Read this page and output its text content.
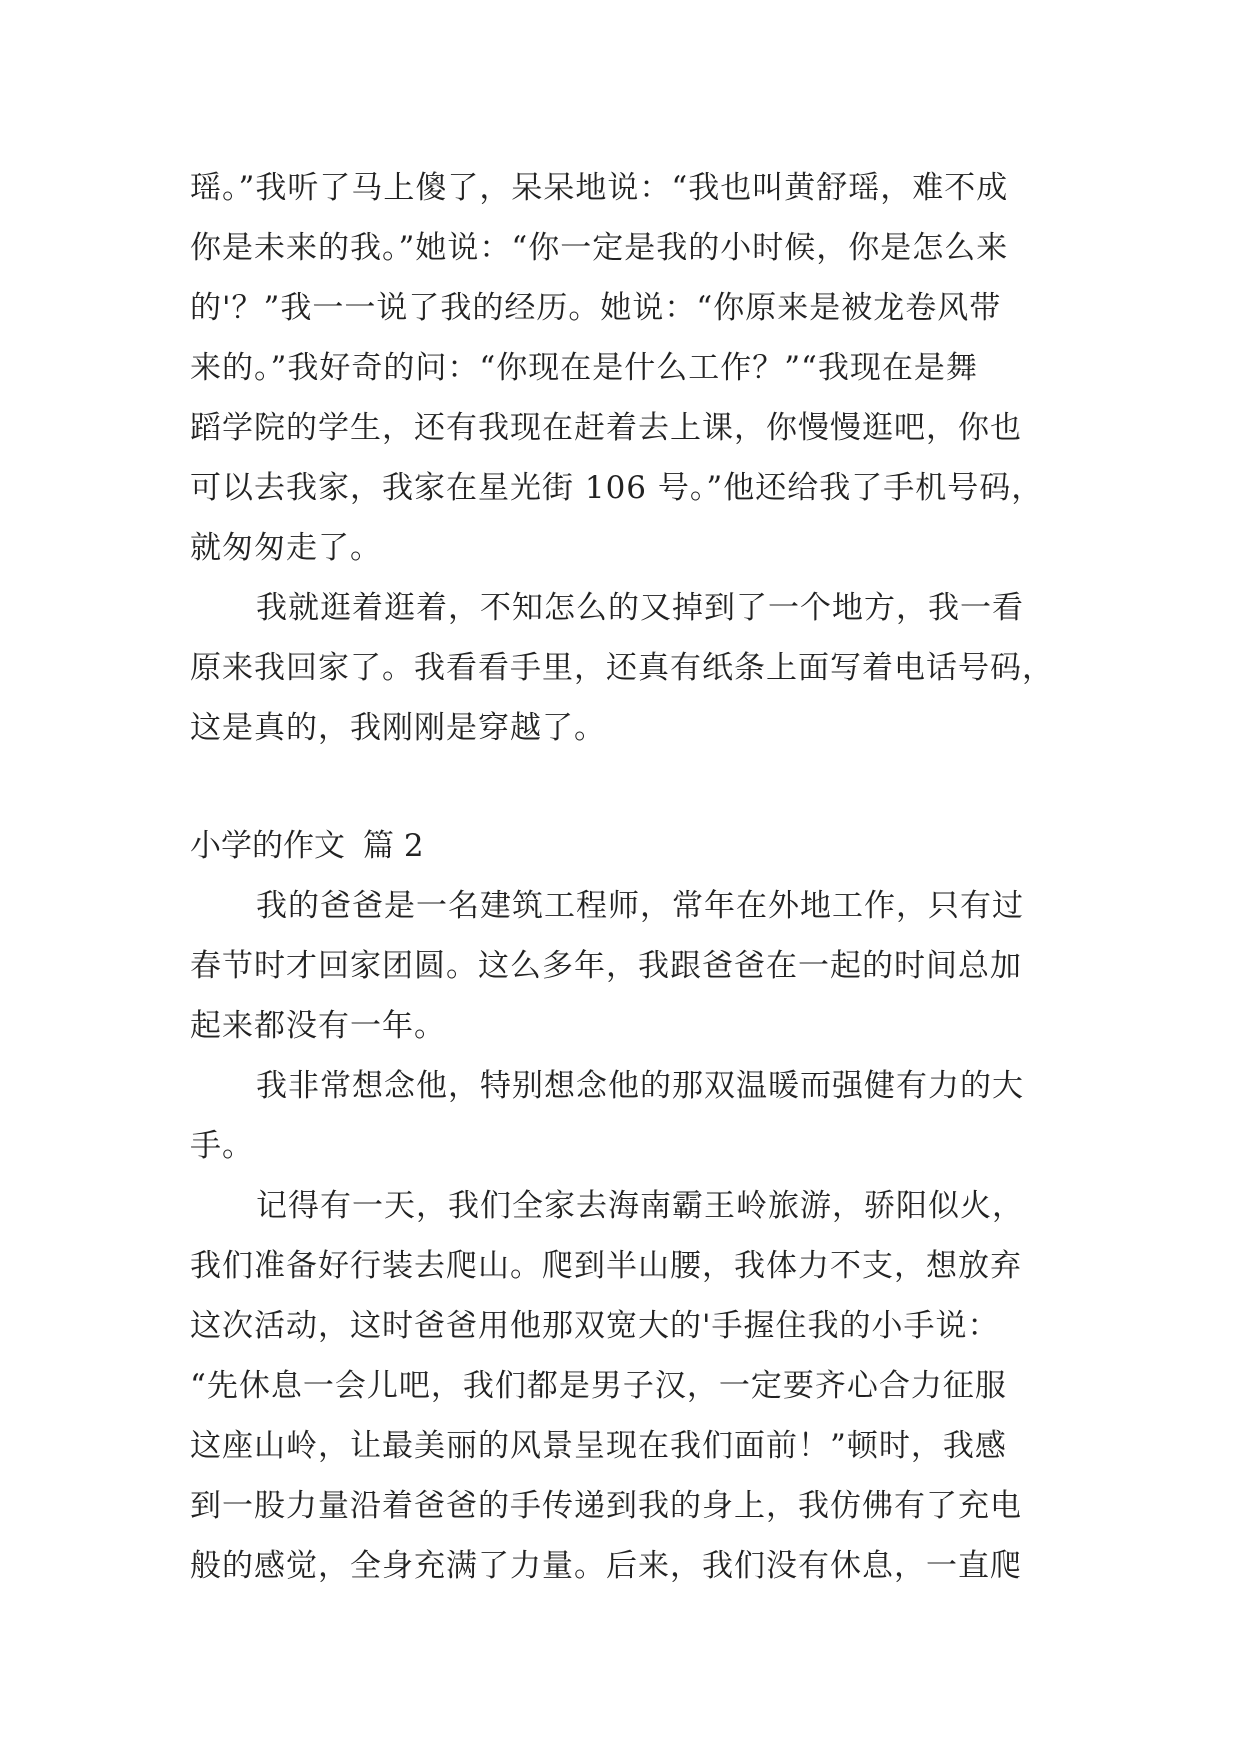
瑶。”我听了马上傻了，呆呆地说：“我也叫黄舒瑶，难不成
你是未来的我。”她说：“你一定是我的小时候，你是怎么来
的'？”我一一说了我的经历。她说：“你原来是被龙卷风带
来的。”我好奇的问：“你现在是什么工作？”“我现在是舞
蹈学院的学生，还有我现在赶着去上课，你慢慢逛吧，你也
可以去我家，我家在星光街 106 号。”他还给我了手机号码，
就匆匆走了。
我就逛着逛着，不知怎么的又掉到了一个地方，我一看
原来我回家了。我看看手里，还真有纸条上面写着电话号码，
这是真的，我刚刚是穿越了。
小学的作文 篇 2
我的爸爸是一名建筑工程师，常年在外地工作，只有过
春节时才回家团圆。这么多年，我跟爸爸在一起的时间总加
起来都没有一年。
我非常想念他，特别想念他的那双温暖而强健有力的大
手。
记得有一天，我们全家去海南霸王岭旅游，骄阳似火，
我们准备好行装去爬山。爬到半山腰，我体力不支，想放弃
这次活动，这时爸爸用他那双宽大的'手握住我的小手说：
“先休息一会儿吧，我们都是男子汉，一定要齐心合力征服
这座山岭，让最美丽的风景呈现在我们面前！”顿时，我感
到一股力量沿着爸爸的手传递到我的身上，我仿佛有了充电
般的感觉，全身充满了力量。后来，我们没有休息，一直爬
